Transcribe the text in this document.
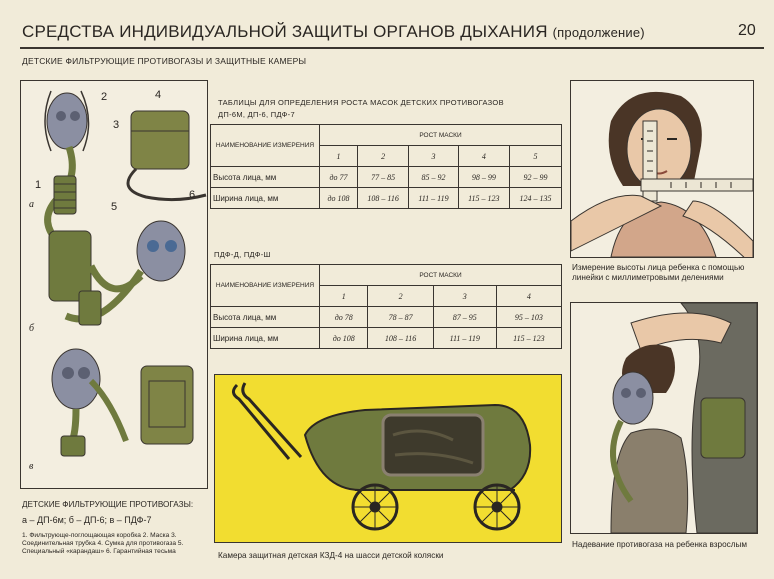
СРЕДСТВА ИНДИВИДУАЛЬНОЙ ЗАЩИТЫ ОРГАНОВ ДЫХАНИЯ (продолжение)	20
ДЕТСКИЕ ФИЛЬТРУЮЩИЕ ПРОТИВОГАЗЫ И ЗАЩИТНЫЕ КАМЕРЫ
а
б
в
1
2
3
4
5
6
ДЕТСКИЕ ФИЛЬТРУЮЩИЕ ПРОТИВОГАЗЫ:
а – ДП-6м; б – ДП-6; в – ПДФ-7
1. Фильтрующе-поглощающая коробка 2. Маска 3. Соединительная трубка 4. Сумка для противогаза 5. Специальный «карандаш» 6. Гарантийная тесьма
ТАБЛИЦЫ ДЛЯ ОПРЕДЕЛЕНИЯ РОСТА МАСОК ДЕТСКИХ ПРОТИВОГАЗОВ
ДП-6М, ДП-6, ПДФ-7
НАИМЕНОВАНИЕ ИЗМЕРЕНИЯ	РОСТ МАСКИ				
	1	2	3	4	5
Высота лица, мм	до 77	77 – 85	85 – 92	98 – 99	92 – 99
Ширина лица, мм	до 108	108 – 116	111 – 119	115 – 123	124 – 135
ПДФ-Д, ПДФ-Ш
НАИМЕНОВАНИЕ ИЗМЕРЕНИЯ	РОСТ МАСКИ			
	1	2	3	4
Высота лица, мм	до 78	78 – 87	87 – 95	95 – 103
Ширина лица, мм	до 108	108 – 116	111 – 119	115 – 123
Камера защитная детская КЗД-4 на шасси детской коляски
Измерение высоты лица ребенка с помощью линейки с миллиметровыми делениями
Надевание противогаза на ребенка взрослым
